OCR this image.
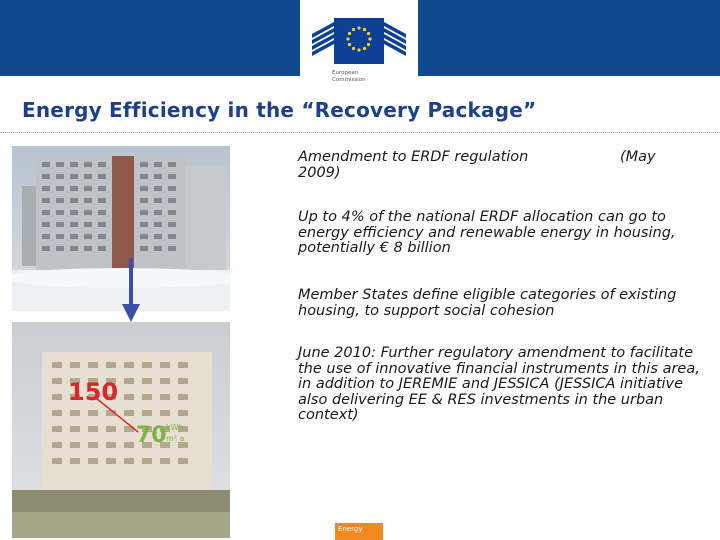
European
Commission
Energy Efficiency in the “Recovery Package”
150
70 kWh
m² a
Amendment to ERDF regulation	(May
2009)
Up to 4% of the national ERDF allocation can go to energy efficiency and renewable energy in housing, potentially € 8 billion
Member States define eligible categories of existing housing, to support social cohesion
June 2010: Further regulatory amendment to facilitate the use of innovative financial instruments in this area, in addition to JEREMIE and JESSICA (JESSICA initiative also delivering EE & RES investments in the urban context)
Energy
